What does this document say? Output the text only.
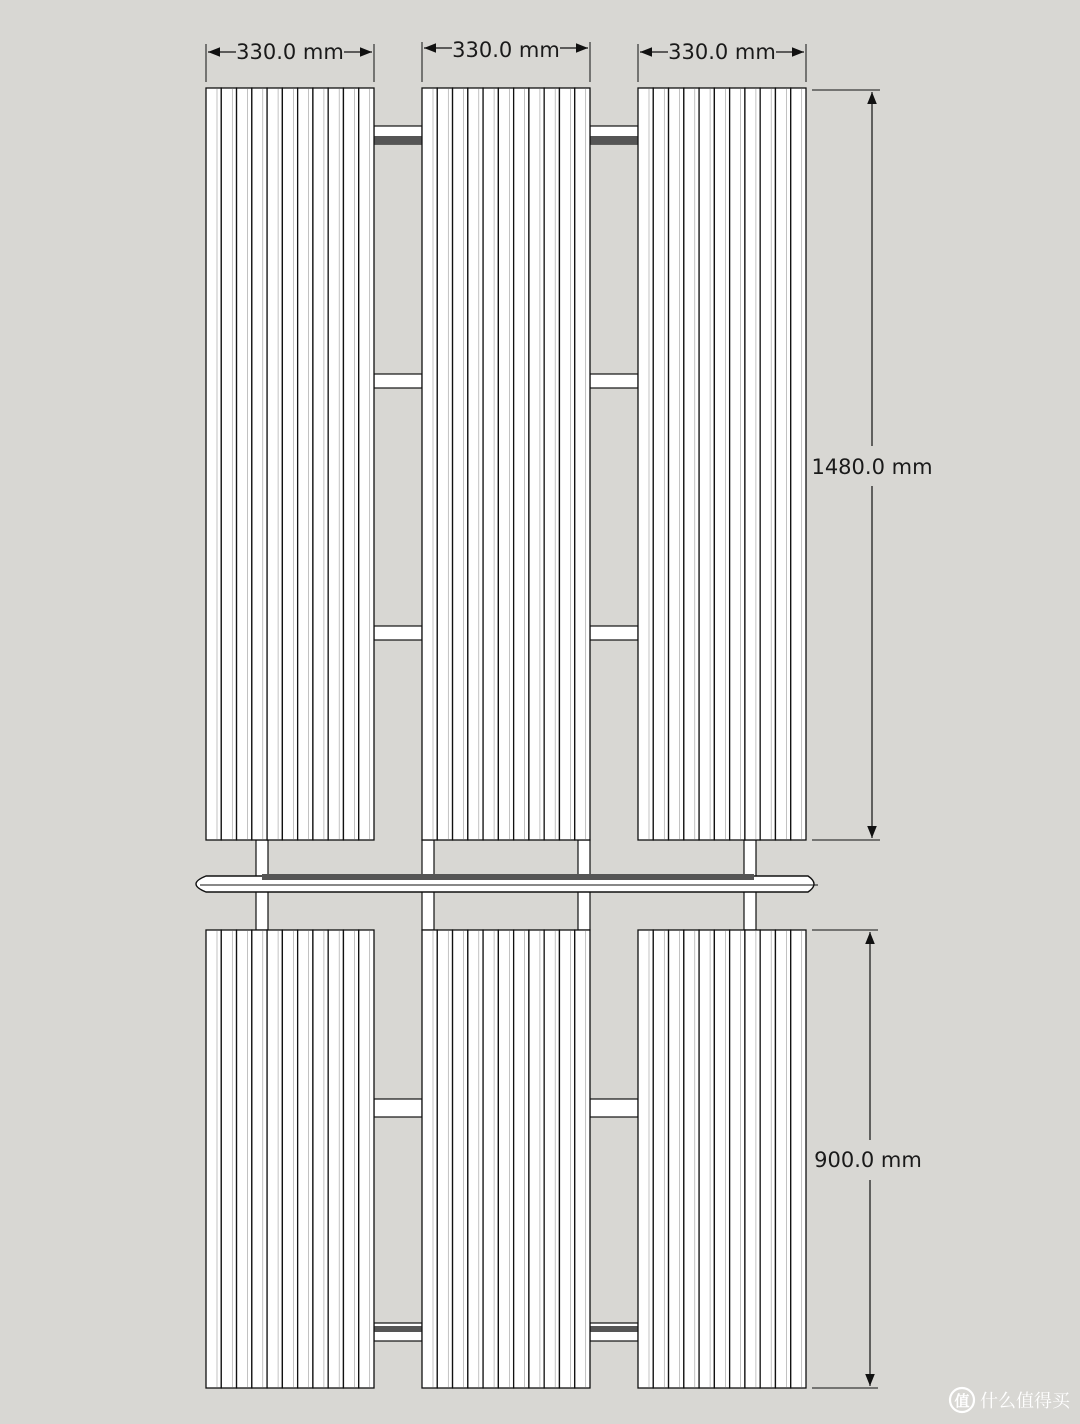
330.0 mm	330.0 mm	330.0 mm
1480.0 mm
900.0 mm
值 什么值得买
